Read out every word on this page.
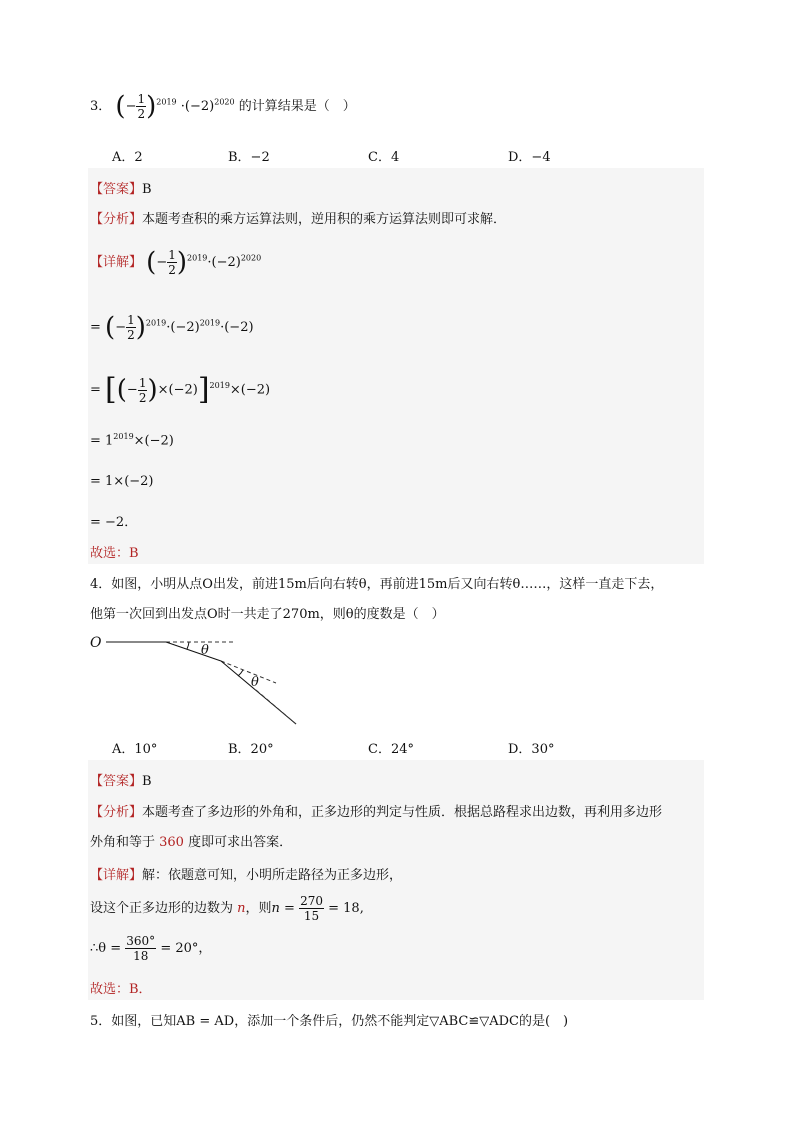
3． (− $\frac{1}{2} )^{2019} \cdot(-2)^{2020}$ 的计算结果是（　）
A．2	B．−2	C．4	D．−4
【答案】B
【分析】本题考查积的乘方运算法则，逆用积的乘方运算法则即可求解．
【详解】 (− $\frac{1}{2} )^{2019}\cdot(-2)^{2020}$
= (− $\frac{1}{2} )^{2019}\cdot(-2)^{2019}\cdot(-2)$
= [(− $\frac{1}{2} )\times(-2)]^{2019}\times(-2)$
= $1^{2019}\times(-2)$
= 1×(−2)
= −2．
故选：B
4．如图，小明从点O出发，前进15m后向右转θ，再前进15m后又向右转θ……，这样一直走下去，
他第一次回到出发点O时一共走了270m，则θ的度数是（　）
O	θ
θ
A．10°	B．20°	C．24°	D．30°
【答案】B
【分析】本题考查了多边形的外角和，正多边形的判定与性质．根据总路程求出边数，再利用多边形
外角和等于 360 度即可求出答案．
【详解】解：依题意可知，小明所走路径为正多边形，
设这个正多边形的边数为 n，则$n = \frac{270}{15} = 18$,
∴θ = $\frac{360^\circ}{18} = 20^\circ$，
故选：B．
5．如图，已知AB = AD，添加一个条件后，仍然不能判定▽ABC≌▽ADC的是(　)
